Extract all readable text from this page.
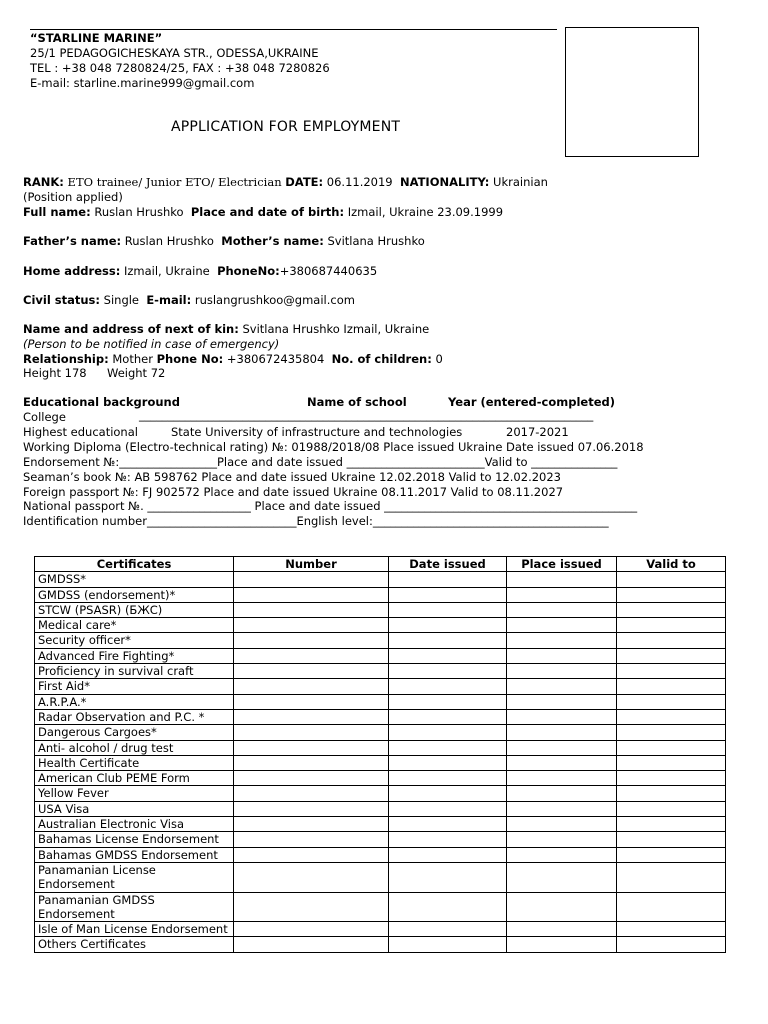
“STARLINE MARINE”
25/1 PEDAGOGICHESKAYA STR., ODESSA,UKRAINE
TEL : +38 048 7280824/25, FAX : +38 048 7280826
E-mail: starline.marine999@gmail.com
APPLICATION FOR EMPLOYMENT
RANK: ETO trainee/ Junior ETO/ Electrician DATE: 06.11.2019 NATIONALITY: Ukrainian
(Position applied)
Full name: Ruslan Hrushko Place and date of birth: Izmail, Ukraine 23.09.1999
Father’s name: Ruslan Hrushko Mother’s name: Svitlana Hrushko
Home address: Izmail, Ukraine PhoneNo:+380687440635
Civil status: Single E-mail: ruslangrushkoo@gmail.com
Name and address of next of kin: Svitlana Hrushko Izmail, Ukraine
(Person to be notified in case of emergency)
Relationship: Mother Phone No: +380672435804 No. of children: 0
Height 178 Weight 72
Educational background	Name of school	Year (entered-completed)
College	_______________________________________________________________________________
Highest educational	State University of infrastructure and technologies	2017-2021
Working Diploma (Electro-technical rating) №: 01988/2018/08 Place issued Ukraine Date issued 07.06.2018
Endorsement №:_________________Place and date issued ________________________Valid to _______________
Seaman’s book №: AB 598762 Place and date issued Ukraine 12.02.2018 Valid to 12.02.2023
Foreign passport №: FJ 902572 Place and date issued Ukraine 08.11.2017 Valid to 08.11.2027
National passport №. __________________ Place and date issued ____________________________________________
Identification number__________________________English level:_________________________________________
Certificates	Number	Date issued	Place issued	Valid to
GMDSS*				
GMDSS (endorsement)*				
STCW (PSASR) (БЖС)				
Medical care*				
Security officer*				
Advanced Fire Fighting*				
Proficiency in survival craft				
First Aid*				
A.R.P.A.*				
Radar Observation and P.C. *				
Dangerous Cargoes*				
Anti- alcohol / drug test				
Health Certificate				
American Club PEME Form				
Yellow Fever				
USA Visa				
Australian Electronic Visa				
Bahamas License Endorsement				
Bahamas GMDSS Endorsement				
Panamanian License Endorsement				
Panamanian GMDSS Endorsement				
Isle of Man License Endorsement				
Others Certificates				
